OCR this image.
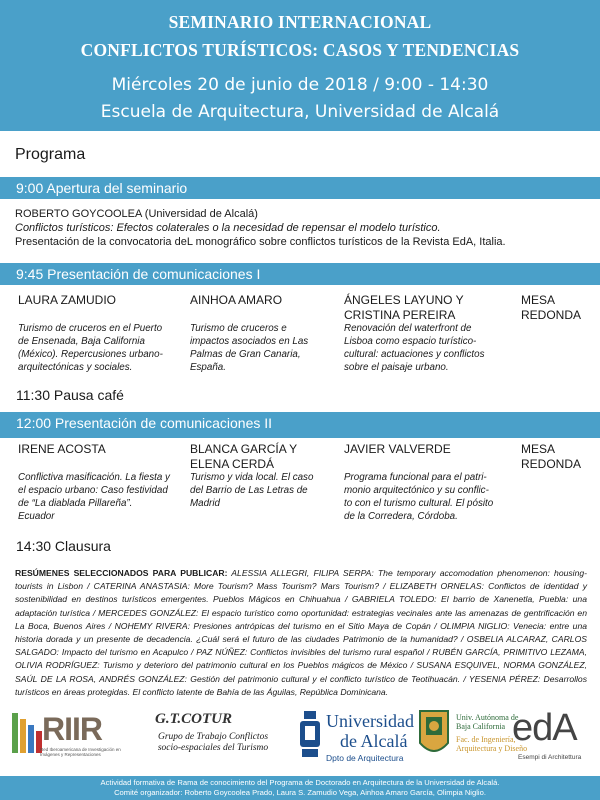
SEMINARIO INTERNACIONAL
CONFLICTOS TURÍSTICOS: CASOS Y TENDENCIAS
Miércoles 20 de junio de 2018 / 9:00 - 14:30
Escuela de Arquitectura, Universidad de Alcalá
Programa
9:00 Apertura del seminario
ROBERTO GOYCOOLEA (Universidad de Alcalá)
Conflictos turísticos: Efectos colaterales o la necesidad de repensar el modelo turístico.
Presentación de la convocatoria deL monográfico sobre conflictos turísticos de la Revista EdA, Italia.
9:45 Presentación de comunicaciones I
LAURA ZAMUDIO
Turismo de cruceros en el Puerto
de Ensenada, Baja California
(México). Repercusiones urbano-
arquitectónicas y sociales.
AINHOA AMARO
Turismo de cruceros e
impactos asociados en Las
Palmas de Gran Canaria,
España.
ÁNGELES LAYUNO Y
CRISTINA PEREIRA
Renovación del waterfront de
Lisboa como espacio turístico-
cultural: actuaciones y conflictos
sobre el paisaje urbano.
MESA
REDONDA
11:30 Pausa café
12:00 Presentación de comunicaciones II
IRENE ACOSTA
Conflictiva masificación. La fiesta y
el espacio urbano: Caso festividad
de “La diablada Pillareña”.
Ecuador
BLANCA GARCÍA Y
ELENA CERDÁ
Turismo y vida local. El caso
del Barrio de Las Letras de
Madrid
JAVIER VALVERDE
Programa funcional para el patri-
monio arquitectónico y su conflic-
to con el turismo cultural. El pósito
de la Corredera, Córdoba.
MESA
REDONDA
14:30 Clausura
RESÚMENES SELECCIONADOS PARA PUBLICAR: ALESSIA ALLEGRI, FILIPA SERPA: The temporary accomodation phenomenon: housing-tourists in Lisbon / CATERINA ANASTASIA: More Tourism? Mass Tourism? Mars Tourism? / ELIZABETH ORNELAS: Conflictos de identidad y sostenibilidad en destinos turísticos emergentes. Pueblos Mágicos en Chihuahua / GABRIELA TOLEDO: El barrio de Xanenetla, Puebla: una adaptación turística / MERCEDES GONZÁLEZ: El espacio turístico como oportunidad: estrategias vecinales ante las amenazas de gentrificación en La Boca, Buenos Aires / NOHEMY RIVERA: Presiones antrópicas del turismo en el Sitio Maya de Copán / OLIMPIA NIGLIO: Venecia: entre una historia dorada y un presente de decadencia. ¿Cuál será el futuro de las ciudades Patrimonio de la humanidad? / OSBELIA ALCARAZ, CARLOS SALGADO: Impacto del turismo en Acapulco / PAZ NÚÑEZ: Conflictos invisibles del turismo rural español / RUBÉN GARCÍA, PRIMITIVO LEZAMA, OLIVIA RODRÍGUEZ: Turismo y deterioro del patrimonio cultural en los Pueblos mágicos de México / SUSANA ESQUIVEL, NORMA GONZÁLEZ, SAÚL DE LA ROSA, ANDRÉS GONZÁLEZ: Gestión del patrimonio cultural y el conflicto turístico de Teotihuacán. / YESENIA PÉREZ: Desarrollos turísticos en áreas protegidas. El conflicto latente de Bahía de las Águilas, República Dominicana.
RIIR
Red Iberoamericana de Investigación en Imágenes y Representaciones
G.T.COTUR
Grupo de Trabajo Conflictos
socio-espaciales del Turismo
Universidad
de Alcalá
Dpto de Arquitectura
Univ. Autónoma de
Baja California
Fac. de Ingeniería,
Arquitectura y Diseño
edA
Esempi di Architettura
Actividad formativa de Rama de conocimiento del Programa de Doctorado en Arquitectura de la Universidad de Alcalá.
Comité organizador: Roberto Goycoolea Prado, Laura S. Zamudio Vega, Ainhoa Amaro García, Olimpia Niglio.
